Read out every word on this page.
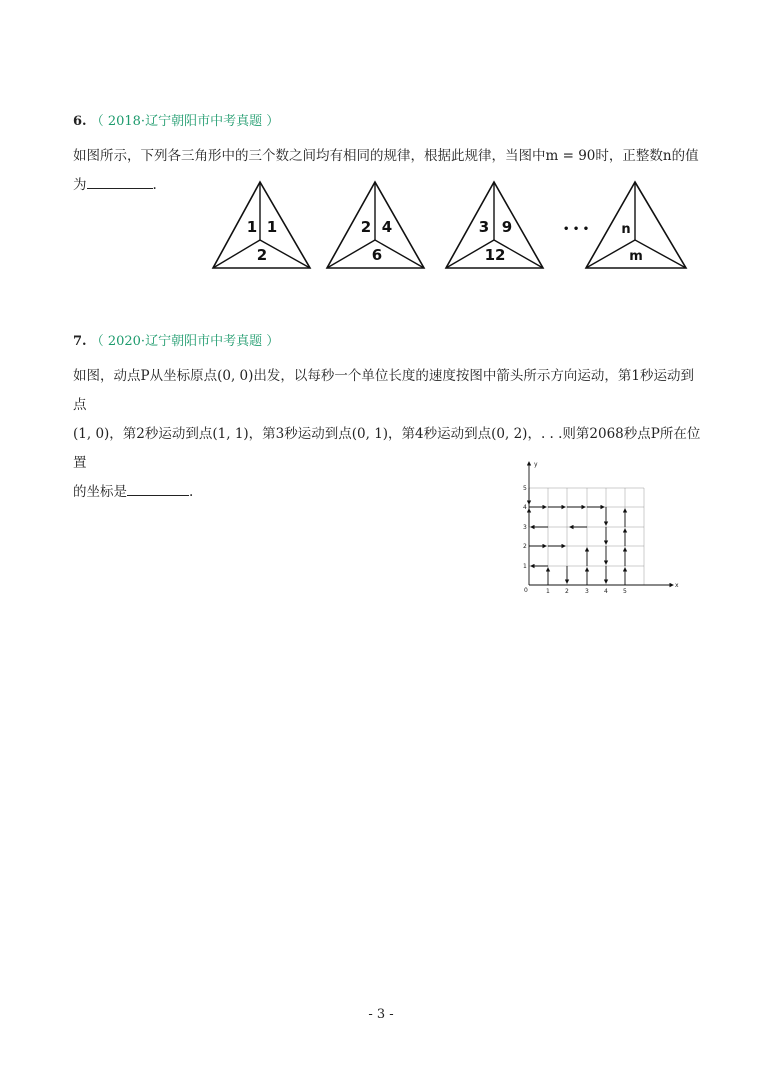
6. （ 2018·辽宁朝阳市中考真题 ）
如图所示，下列各三角形中的三个数之间均有相同的规律，根据此规律，当图中m = 90时，正整数n的值
为	.
1 1
2
2 4
6
3 9
12
• • • n
m
7. （ 2020·辽宁朝阳市中考真题 ）
如图，动点P从坐标原点(0, 0)出发，以每秒一个单位长度的速度按图中箭头所示方向运动，第1秒运动到点
(1, 0)，第2秒运动到点(1, 1)，第3秒运动到点(0, 1)，第4秒运动到点(0, 2)，. . .则第2068秒点P所在位置
的坐标是	.
x
y
0	1	2	3	4	5
1
2
3
4
5
- 3 -
